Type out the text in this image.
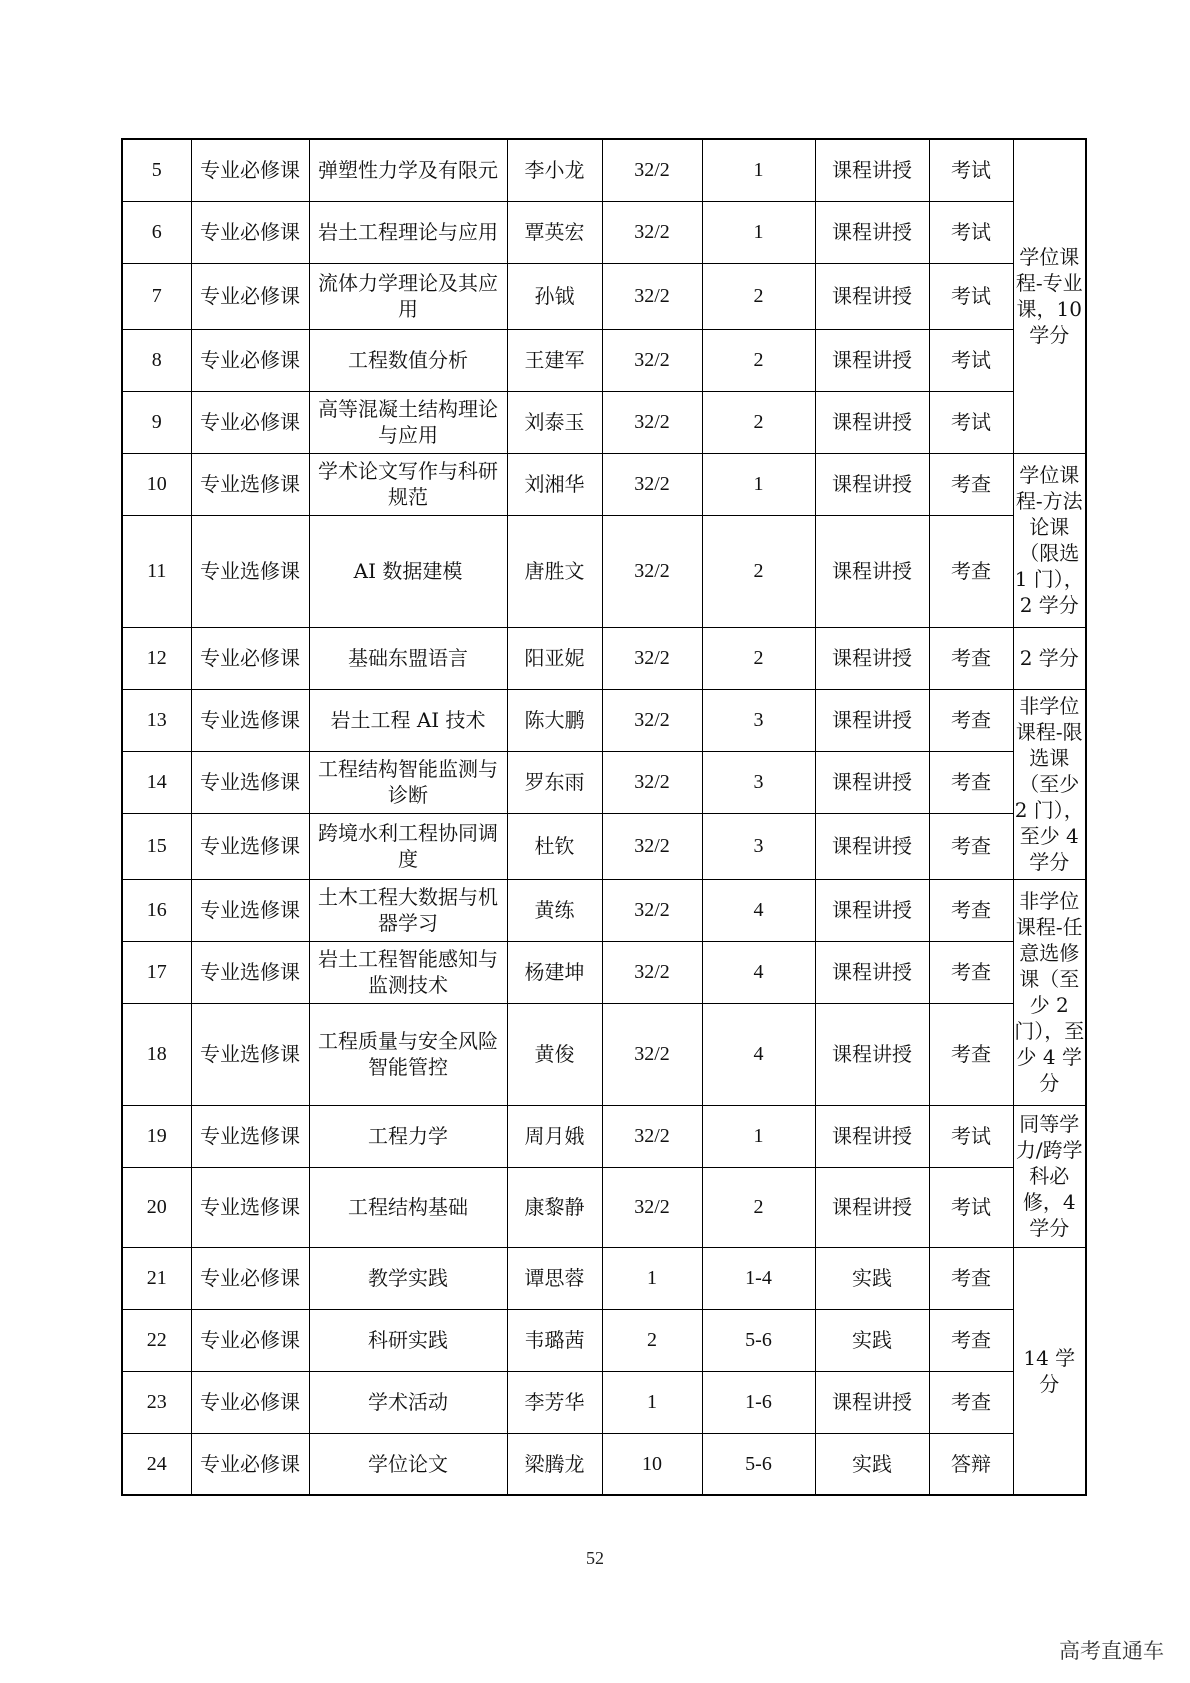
5	专业必修课	弹塑性力学及有限元	李小龙	32/2	1	课程讲授	考试	学位课程-专业课，10 学分
6	专业必修课	岩土工程理论与应用	覃英宏	32/2	1	课程讲授	考试	
7	专业必修课	流体力学理论及其应用	孙钺	32/2	2	课程讲授	考试	
8	专业必修课	工程数值分析	王建军	32/2	2	课程讲授	考试	
9	专业必修课	高等混凝土结构理论与应用	刘泰玉	32/2	2	课程讲授	考试	
10	专业选修课	学术论文写作与科研规范	刘湘华	32/2	1	课程讲授	考查	学位课程-方法论课（限选 1 门），2 学分
11	专业选修课	AI 数据建模	唐胜文	32/2	2	课程讲授	考查	
12	专业必修课	基础东盟语言	阳亚妮	32/2	2	课程讲授	考查	2 学分
13	专业选修课	岩土工程 AI 技术	陈大鹏	32/2	3	课程讲授	考查	非学位课程-限选课（至少 2 门），至少 4 学分
14	专业选修课	工程结构智能监测与诊断	罗东雨	32/2	3	课程讲授	考查	
15	专业选修课	跨境水利工程协同调度	杜钦	32/2	3	课程讲授	考查	
16	专业选修课	土木工程大数据与机器学习	黄练	32/2	4	课程讲授	考查	非学位课程-任意选修课（至少 2 门），至少 4 学分
17	专业选修课	岩土工程智能感知与监测技术	杨建坤	32/2	4	课程讲授	考查	
18	专业选修课	工程质量与安全风险智能管控	黄俊	32/2	4	课程讲授	考查	
19	专业选修课	工程力学	周月娥	32/2	1	课程讲授	考试	同等学力/跨学科必修，4 学分
20	专业选修课	工程结构基础	康黎静	32/2	2	课程讲授	考试	
21	专业必修课	教学实践	谭思蓉	1	1-4	实践	考查	14 学分
22	专业必修课	科研实践	韦璐茜	2	5-6	实践	考查	
23	专业必修课	学术活动	李芳华	1	1-6	课程讲授	考查	
24	专业必修课	学位论文	梁腾龙	10	5-6	实践	答辩	
52
高考直通车
